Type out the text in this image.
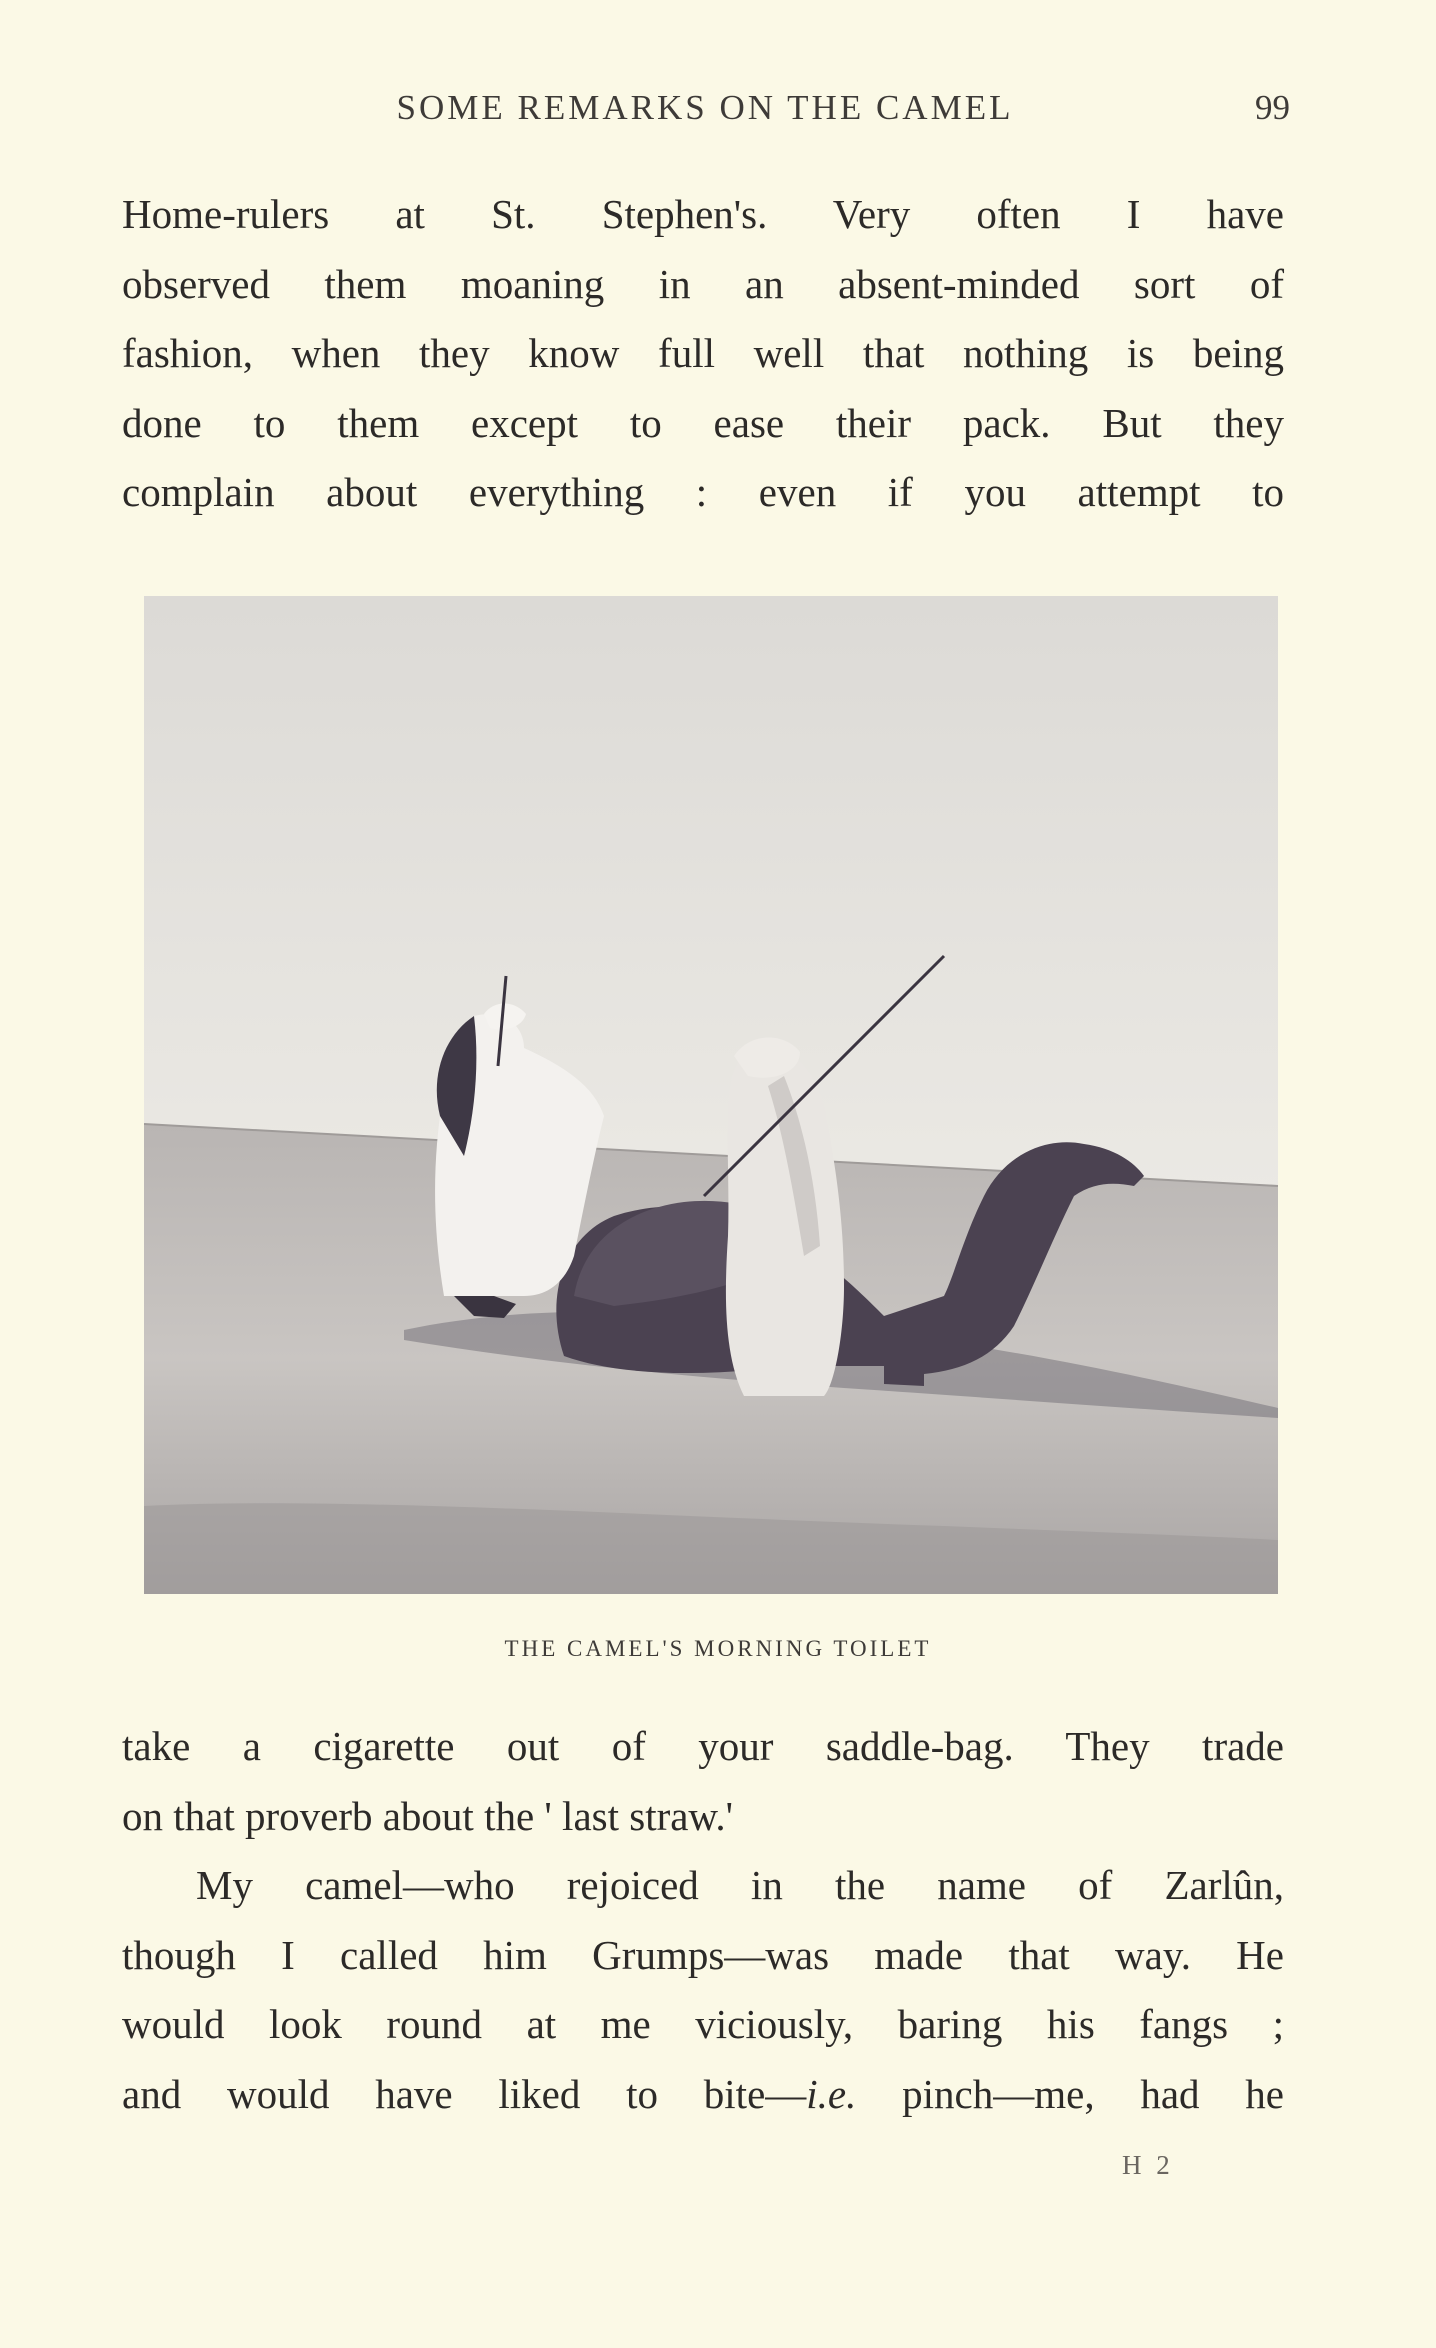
SOME REMARKS ON THE CAMEL	99
Home-rulers at St. Stephen's. Very often I have
observed them moaning in an absent-minded sort of
fashion, when they know full well that nothing is being
done to them except to ease their pack. But they
complain about everything : even if you attempt to
THE CAMEL'S MORNING TOILET
take a cigarette out of your saddle-bag. They trade
on that proverb about the ' last straw.'
My camel—who rejoiced in the name of Zarlûn,
though I called him Grumps—was made that way. He
would look round at me viciously, baring his fangs ;
and would have liked to bite—i.e. pinch—me, had he
H 2
